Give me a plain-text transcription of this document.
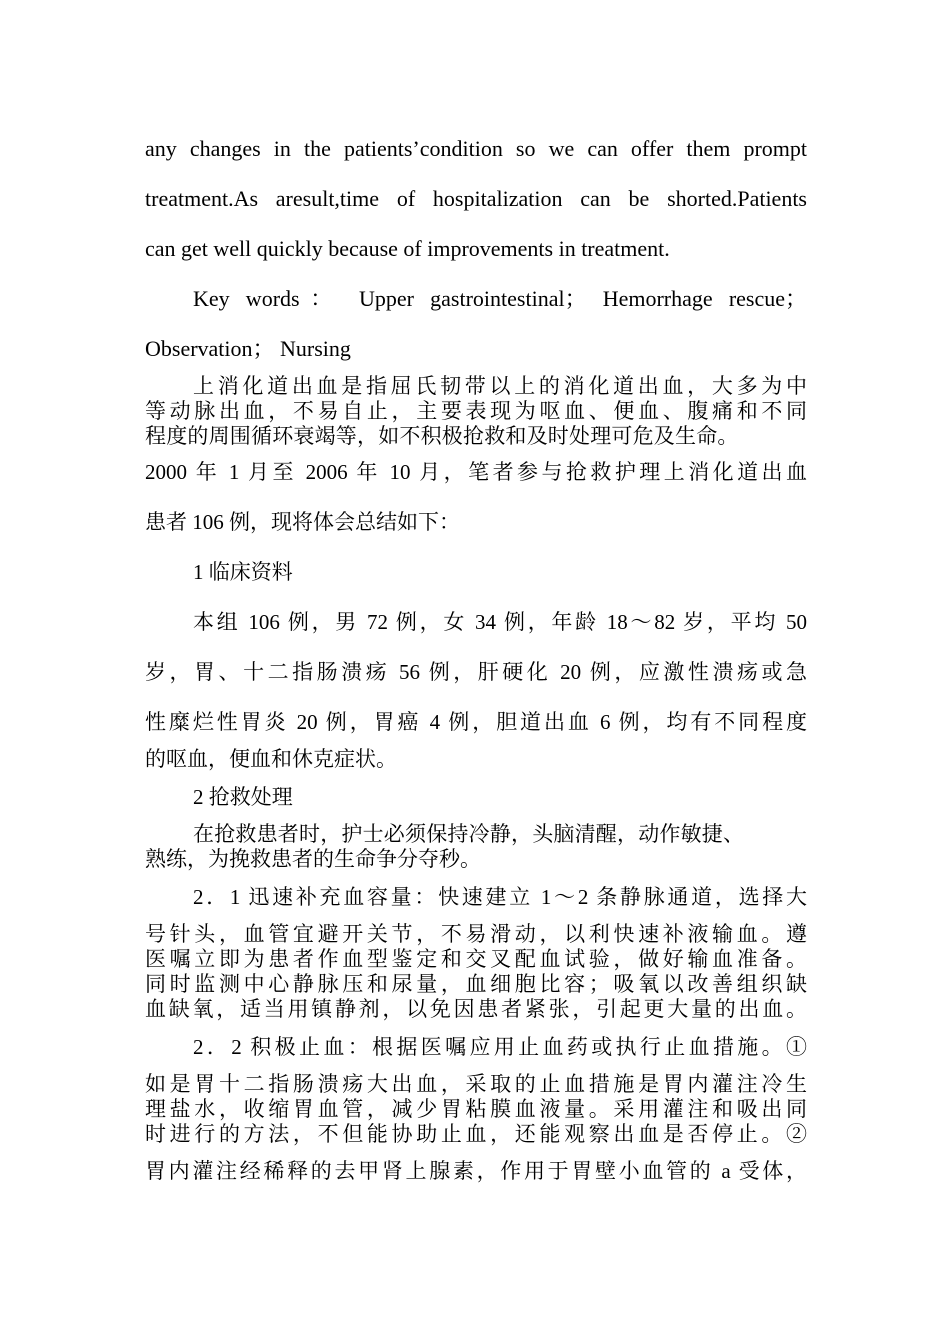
any changes in the patients’condition so we can offer them prompt
treatment.As aresult,time of hospitalization can be shorted.Patients
can get well quickly because of improvements in treatment.
Key words： Upper gastrointestinal； Hemorrhage rescue；
Observation； Nursing
上消化道出血是指屈氏韧带以上的消化道出血，大多为中
等动脉出血，不易自止，主要表现为呕血、便血、腹痛和不同
程度的周围循环衰竭等，如不积极抢救和及时处理可危及生命。
2000 年 1 月至 2006 年 10 月，笔者参与抢救护理上消化道出血
患者 106 例，现将体会总结如下：
1 临床资料
本组 106 例，男 72 例，女 34 例，年龄 18～82 岁，平均 50
岁，胃、十二指肠溃疡 56 例，肝硬化 20 例，应激性溃疡或急
性糜烂性胃炎 20 例，胃癌 4 例，胆道出血 6 例，均有不同程度
的呕血，便血和休克症状。
2 抢救处理
在抢救患者时，护士必须保持冷静，头脑清醒，动作敏捷、
熟练，为挽救患者的生命争分夺秒。
2．1 迅速补充血容量：快速建立 1～2 条静脉通道，选择大
号针头，血管宜避开关节，不易滑动，以利快速补液输血。遵
医嘱立即为患者作血型鉴定和交叉配血试验，做好输血准备。
同时监测中心静脉压和尿量，血细胞比容；吸氧以改善组织缺
血缺氧，适当用镇静剂，以免因患者紧张，引起更大量的出血。
2．2 积极止血：根据医嘱应用止血药或执行止血措施。①
如是胃十二指肠溃疡大出血，采取的止血措施是胃内灌注冷生
理盐水，收缩胃血管，减少胃粘膜血液量。采用灌注和吸出同
时进行的方法，不但能协助止血，还能观察出血是否停止。②
胃内灌注经稀释的去甲肾上腺素，作用于胃壁小血管的 a 受体，
